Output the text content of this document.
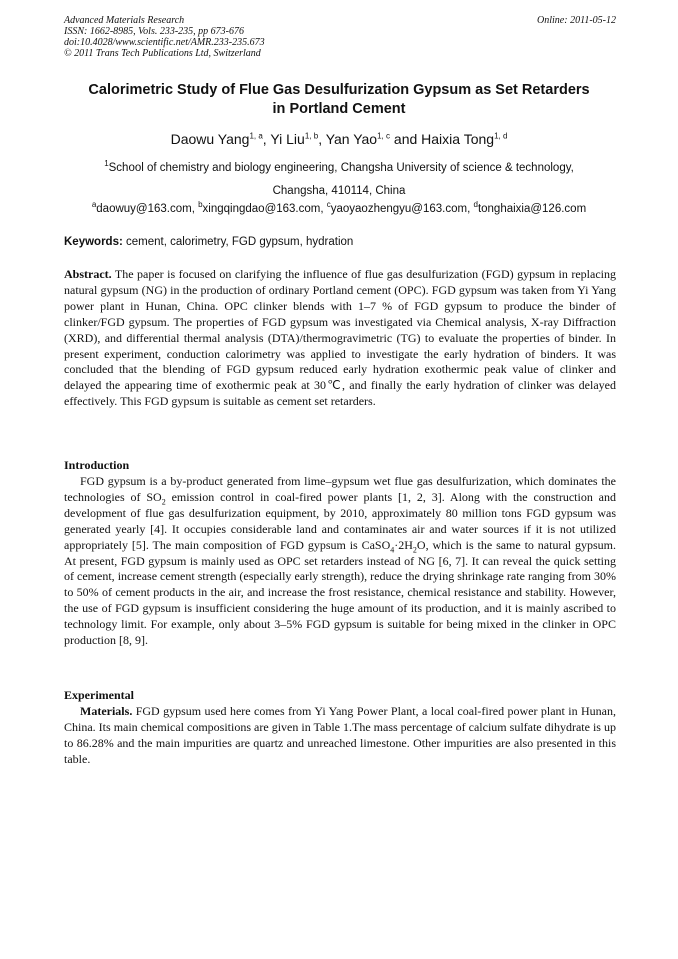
Advanced Materials Research
ISSN: 1662-8985, Vols. 233-235, pp 673-676
doi:10.4028/www.scientific.net/AMR.233-235.673
© 2011 Trans Tech Publications Ltd, Switzerland
Online: 2011-05-12
Calorimetric Study of Flue Gas Desulfurization Gypsum as Set Retarders
in Portland Cement
Daowu Yang$^{1, a}$, Yi Liu$^{1, b}$, Yan Yao$^{1, c}$ and Haixia Tong$^{1, d}$
$^1$School of chemistry and biology engineering, Changsha University of science & technology,
Changsha, 410114, China
$^a$daowuy@163.com, $^b$xingqingdao@163.com, $^c$yaoyaozhengyu@163.com, $^d$tonghaixia@126.com
Keywords: cement, calorimetry, FGD gypsum, hydration
Abstract. The paper is focused on clarifying the influence of flue gas desulfurization (FGD) gypsum in replacing natural gypsum (NG) in the production of ordinary Portland cement (OPC). FGD gypsum was taken from Yi Yang power plant in Hunan, China. OPC clinker blends with 1–7 % of FGD gypsum to produce the binder of clinker/FGD gypsum. The properties of FGD gypsum was investigated via Chemical analysis, X-ray Diffraction (XRD), and differential thermal analysis (DTA)/thermogravimetric (TG) to evaluate the properties of binder. In present experiment, conduction calorimetry was applied to investigate the early hydration of binders. It was concluded that the blending of FGD gypsum reduced early hydration exothermic peak value of clinker and delayed the appearing time of exothermic peak at 30℃, and finally the early hydration of clinker was delayed effectively. This FGD gypsum is suitable as cement set retarders.
Introduction
FGD gypsum is a by-product generated from lime–gypsum wet flue gas desulfurization, which dominates the technologies of $SO_2$ emission control in coal-fired power plants [1, 2, 3]. Along with the construction and development of flue gas desulfurization equipment, by 2010, approximately 80 million tons FGD gypsum was generated yearly [4]. It occupies considerable land and contaminates air and water sources if it is not utilized appropriately [5]. The main composition of FGD gypsum is $CaSO_4\cdot 2H_2O$, which is the same to natural gypsum. At present, FGD gypsum is mainly used as OPC set retarders instead of NG [6, 7]. It can reveal the quick setting of cement, increase cement strength (especially early strength), reduce the drying shrinkage rate ranging from 30% to 50% of cement products in the air, and increase the frost resistance, chemical resistance and stability. However, the use of FGD gypsum is insufficient considering the huge amount of its production, and it is mainly ascribed to technology limit. For example, only about 3–5% FGD gypsum is suitable for being mixed in the clinker in OPC production [8, 9].
Experimental
Materials. FGD gypsum used here comes from Yi Yang Power Plant, a local coal-fired power plant in Hunan, China. Its main chemical compositions are given in Table 1.The mass percentage of calcium sulfate dihydrate is up to 86.28% and the main impurities are quartz and unreached limestone. Other impurities are also presented in this table.
